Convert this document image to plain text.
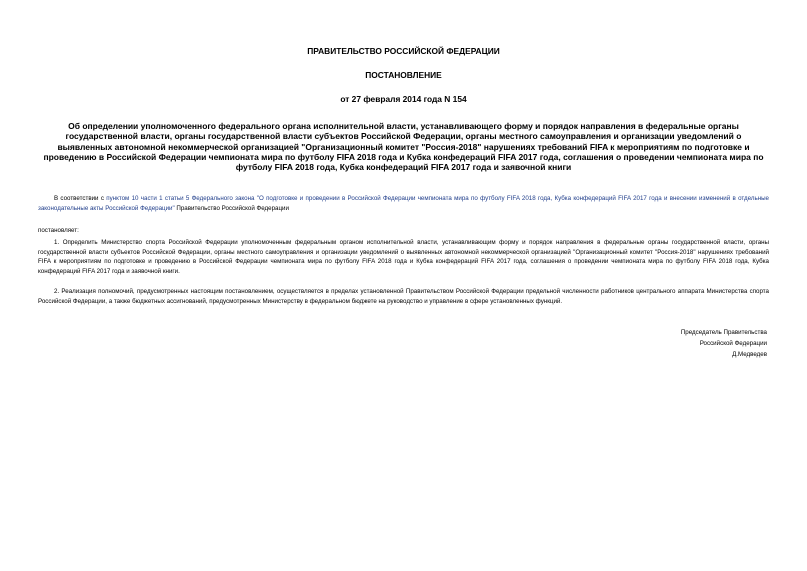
ПРАВИТЕЛЬСТВО РОССИЙСКОЙ ФЕДЕРАЦИИ
ПОСТАНОВЛЕНИЕ
от 27 февраля 2014 года N 154
Об определении уполномоченного федерального органа исполнительной власти, устанавливающего форму и порядок направления в федеральные органы государственной власти, органы государственной власти субъектов Российской Федерации, органы местного самоуправления и организации уведомлений о выявленных автономной некоммерческой организацией "Организационный комитет "Россия-2018" нарушениях требований FIFA к мероприятиям по подготовке и проведению в Российской Федерации чемпионата мира по футболу FIFA 2018 года и Кубка конфедераций FIFA 2017 года, соглашения о проведении чемпионата мира по футболу FIFA 2018 года, Кубка конфедераций FIFA 2017 года и заявочной книги
В соответствии с пунктом 10 части 1 статьи 5 Федерального закона "О подготовке и проведении в Российской Федерации чемпионата мира по футболу FIFA 2018 года, Кубка конфедераций FIFA 2017 года и внесении изменений в отдельные законодательные акты Российской Федерации" Правительство Российской Федерации
постановляет:
1. Определить Министерство спорта Российской Федерации уполномоченным федеральным органом исполнительной власти, устанавливающим форму и порядок направления в федеральные органы государственной власти, органы государственной власти субъектов Российской Федерации, органы местного самоуправления и организации уведомлений о выявленных автономной некоммерческой организацией "Организационный комитет "Россия-2018" нарушениях требований FIFA к мероприятиям по подготовке и проведению в Российской Федерации чемпионата мира по футболу FIFA 2018 года и Кубка конфедераций FIFA 2017 года, соглашения о проведении чемпионата мира по футболу FIFA 2018 года, Кубка конфедераций FIFA 2017 года и заявочной книги.
2. Реализация полномочий, предусмотренных настоящим постановлением, осуществляется в пределах установленной Правительством Российской Федерации предельной численности работников центрального аппарата Министерства спорта Российской Федерации, а также бюджетных ассигнований, предусмотренных Министерству в федеральном бюджете на руководство и управление в сфере установленных функций.
Председатель Правительства
Российской Федерации
Д.Медведев
